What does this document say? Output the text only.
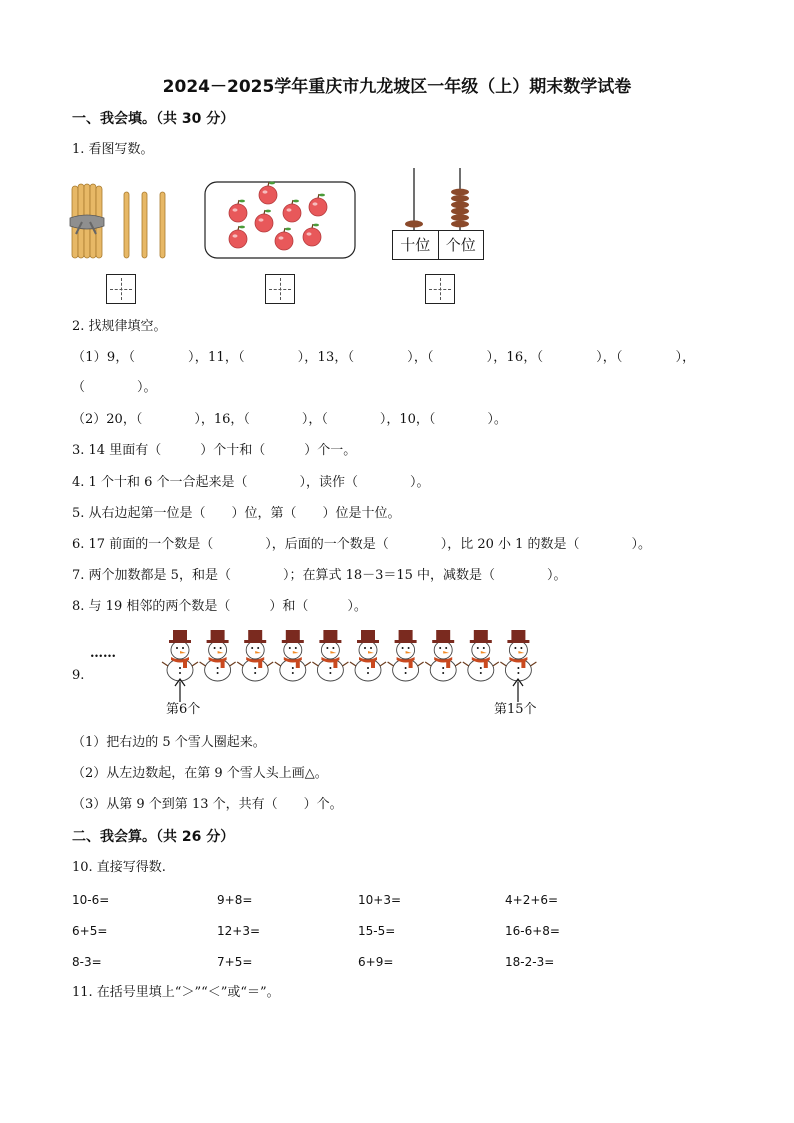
2024－2025学年重庆市九龙坡区一年级（上）期末数学试卷
一、我会填。（共 30 分）
1. 看图写数。
十位	个位
2. 找规律填空。
（1）9，（　　　　），11，（　　　　），13，（　　　　），（　　　　），16，（　　　　），（　　　　），
（　　　　）。
（2）20，（　　　　），16，（　　　　），（　　　　），10，（　　　　）。
3. 14 里面有（　　　）个十和（　　　）个一。
4. 1 个十和 6 个一合起来是（　　　　），读作（　　　　）。
5. 从右边起第一位是（　　）位，第（　　）位是十位。
6. 17 前面的一个数是（　　　　），后面的一个数是（　　　　），比 20 小 1 的数是（　　　　）。
7. 两个加数都是 5，和是（　　　　）；在算式 18－3＝15 中，减数是（　　　　）。
8. 与 19 相邻的两个数是（　　　）和（　　　）。
9.
……
第6个	第15个
（1）把右边的 5 个雪人圈起来。
（2）从左边数起，在第 9 个雪人头上画△。
（3）从第 9 个到第 13 个，共有（　　）个。
二、我会算。（共 26 分）
10. 直接写得数.
10-6=	9+8=	10+3=	4+2+6=
6+5=	12+3=	15-5=	16-6+8=
8-3=	7+5=	6+9=	18-2-3=
11. 在括号里填上“＞”“＜”或“＝”。
